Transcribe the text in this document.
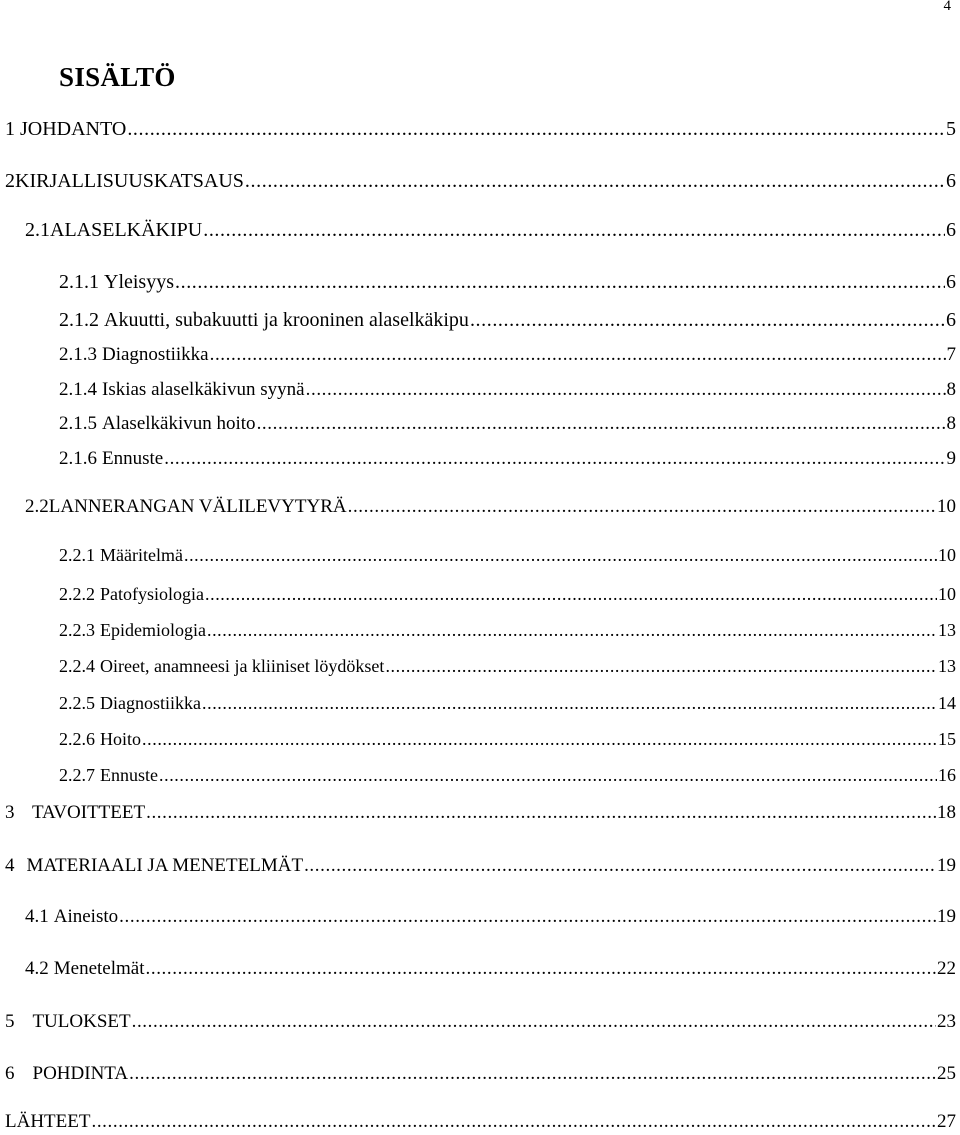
4
SISÄLTÖ
1 JOHDANTO .....	5
2 KIRJALLISUUSKATSAUS .....	6
2.1 ALASELKÄKIPU .....	6
2.1.1 Yleisyys .....	6
2.1.2 Akuutti, subakuutti ja krooninen alaselkäkipu .....	6
2.1.3 Diagnostiikka .....	7
2.1.4 Iskias alaselkäkivun syynä .....	8
2.1.5 Alaselkäkivun hoito .....	8
2.1.6 Ennuste .....	9
2.2 LANNERANGAN VÄLILEVYTYRÄ .....	10
2.2.1 Määritelmä .....	10
2.2.2 Patofysiologia .....	10
2.2.3 Epidemiologia .....	13
2.2.4 Oireet, anamneesi ja kliiniset löydökset .....	13
2.2.5 Diagnostiikka .....	14
2.2.6 Hoito .....	15
2.2.7 Ennuste .....	16
3 TAVOITTEET .....	18
4 MATERIAALI JA MENETELMÄT .....	19
4.1 Aineisto .....	19
4.2 Menetelmät .....	22
5 TULOKSET .....	23
6 POHDINTA .....	25
LÄHTEET .....	27
